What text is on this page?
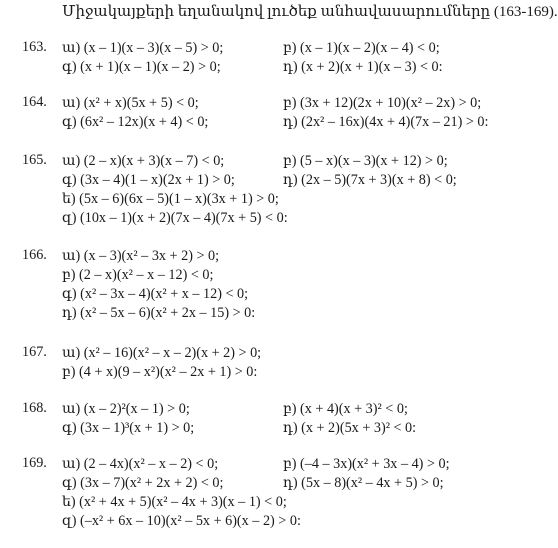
Միջակայքերի եղանակով լուծեք անհավասարումները (163-169).
163. ա) (x – 1)(x – 3)(x – 5) > 0;	բ) (x – 1)(x – 2)(x – 4) < 0;
գ) (x + 1)(x – 1)(x – 2) > 0;	դ) (x + 2)(x + 1)(x – 3) < 0:
164. ա) (x² + x)(5x + 5) < 0;	բ) (3x + 12)(2x + 10)(x² – 2x) > 0;
գ) (6x² – 12x)(x + 4) < 0;	դ) (2x² – 16x)(4x + 4)(7x – 21) > 0:
165. ա) (2 – x)(x + 3)(x – 7) < 0;	բ) (5 – x)(x – 3)(x + 12) > 0;
գ) (3x – 4)(1 – x)(2x + 1) > 0;	դ) (2x – 5)(7x + 3)(x + 8) < 0;
ե) (5x – 6)(6x – 5)(1 – x)(3x + 1) > 0;
զ) (10x – 1)(x + 2)(7x – 4)(7x + 5) < 0:
166. ա) (x – 3)(x² – 3x + 2) > 0;
բ) (2 – x)(x² – x – 12) < 0;
գ) (x² – 3x – 4)(x² + x – 12) < 0;
դ) (x² – 5x – 6)(x² + 2x – 15) > 0:
167. ա) (x² – 16)(x² – x – 2)(x + 2) > 0;
բ) (4 + x)(9 – x²)(x² – 2x + 1) > 0:
168. ա) (x – 2)²(x – 1) > 0;	բ) (x + 4)(x + 3)² < 0;
գ) (3x – 1)³(x + 1) > 0;	դ) (x + 2)(5x + 3)² < 0:
169. ա) (2 – 4x)(x² – x – 2) < 0;	բ) (–4 – 3x)(x² + 3x – 4) > 0;
գ) (3x – 7)(x² + 2x + 2) < 0;	դ) (5x – 8)(x² – 4x + 5) > 0;
ե) (x² + 4x + 5)(x² – 4x + 3)(x – 1) < 0;
զ) (–x² + 6x – 10)(x² – 5x + 6)(x – 2) > 0:
